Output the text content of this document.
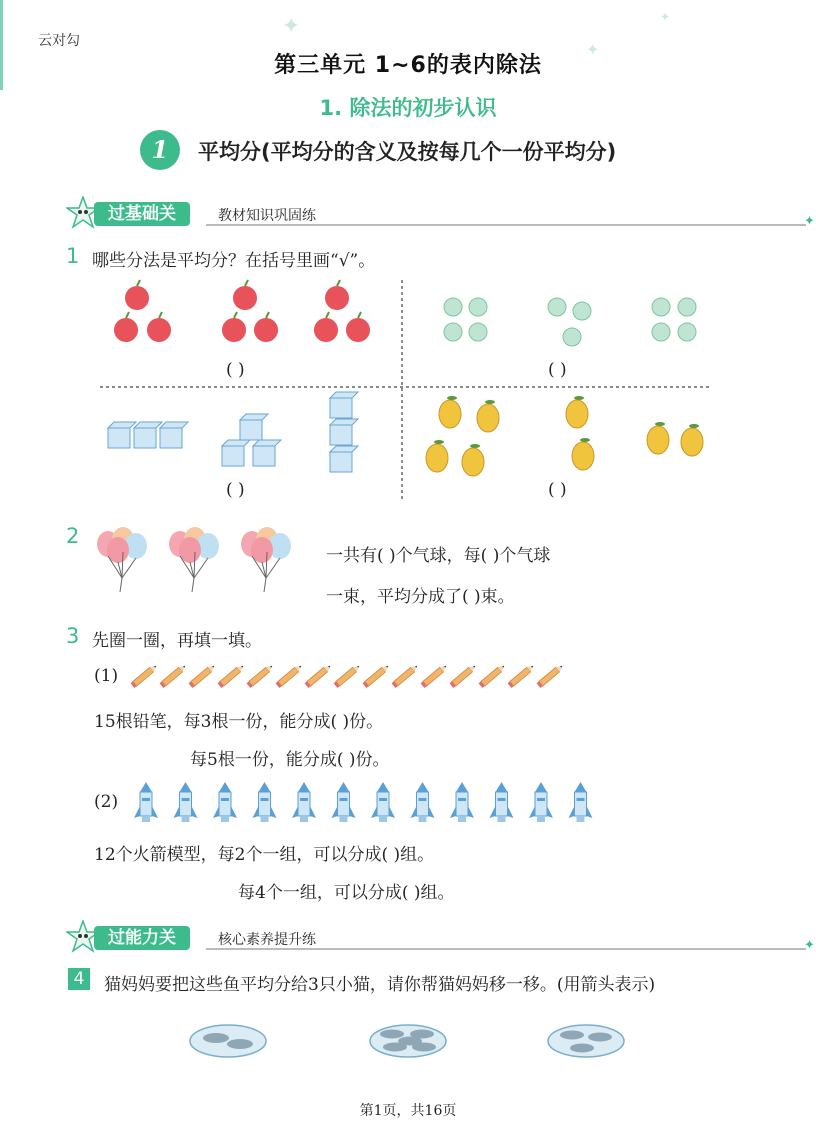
云对勾
✦
✦
✦
第三单元 1~6的表内除法
1. 除法的初步认识
1	平均分(平均分的含义及按每几个一份平均分)
过基础关	教材知识巩固练	✦
1 哪些分法是平均分？在括号里画“√”。
( )	( )
( )	( )
2
一共有( )个气球，每( )个气球
一束，平均分成了( )束。
3 先圈一圈，再填一填。
(1)
15根铅笔，每3根一份，能分成( )份。
每5根一份，能分成( )份。
(2)
12个火箭模型，每2个一组，可以分成( )组。
每4个一组，可以分成( )组。
过能力关	核心素养提升练	✦
4	猫妈妈要把这些鱼平均分给3只小猫，请你帮猫妈妈移一移。(用箭头表示)
第1页，共16页
